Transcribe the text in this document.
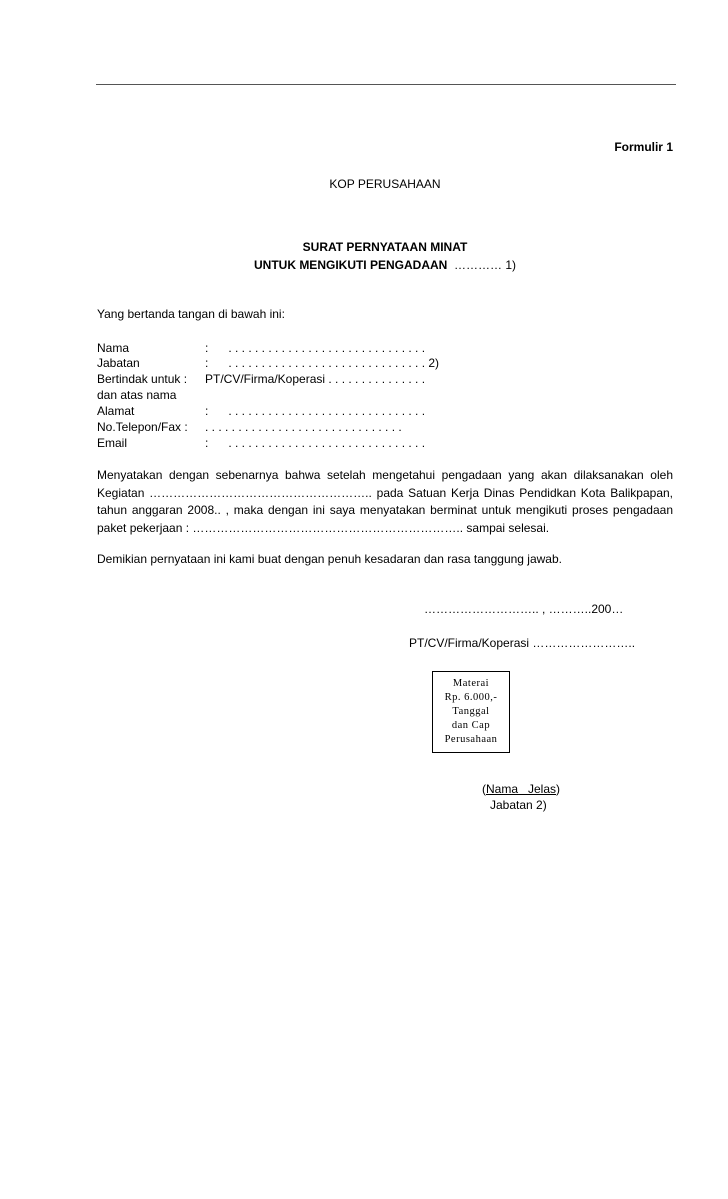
Formulir 1
KOP PERUSAHAAN
SURAT PERNYATAAN MINAT
UNTUK MENGIKUTI PENGADAAN  ………… 1)
Yang bertanda tangan di bawah ini:
Nama	:      . . . . . . . . . . . . . . . . . . . . . . . . . . . . . .
Jabatan	:      . . . . . . . . . . . . . . . . . . . . . . . . . . . . . . 2)
Bertindak untuk : PT/CV/Firma/Koperasi . . . . . . . . . . . . . . .
dan atas nama
Alamat	:      . . . . . . . . . . . . . . . . . . . . . . . . . . . . . .
No.Telepon/Fax : . . . . . . . . . . . . . . . . . . . . . . . . . . . . . .
Email	:      . . . . . . . . . . . . . . . . . . . . . . . . . . . . . .
Menyatakan dengan sebenarnya bahwa setelah mengetahui pengadaan yang akan dilaksanakan oleh Kegiatan ……………………………………………….. pada Satuan Kerja Dinas Pendidkan Kota Balikpapan, tahun anggaran 2008.. , maka dengan ini saya menyatakan berminat untuk mengikuti proses pengadaan paket pekerjaan : ………………………………………………………….. sampai selesai.
Demikian pernyataan ini kami buat dengan penuh kesadaran dan rasa tanggung jawab.
……………………….. , ………..200…
PT/CV/Firma/Koperasi ……………………..
Materai
Rp. 6.000,-
Tanggal
dan Cap
Perusahaan
(Nama   Jelas)
Jabatan 2)
